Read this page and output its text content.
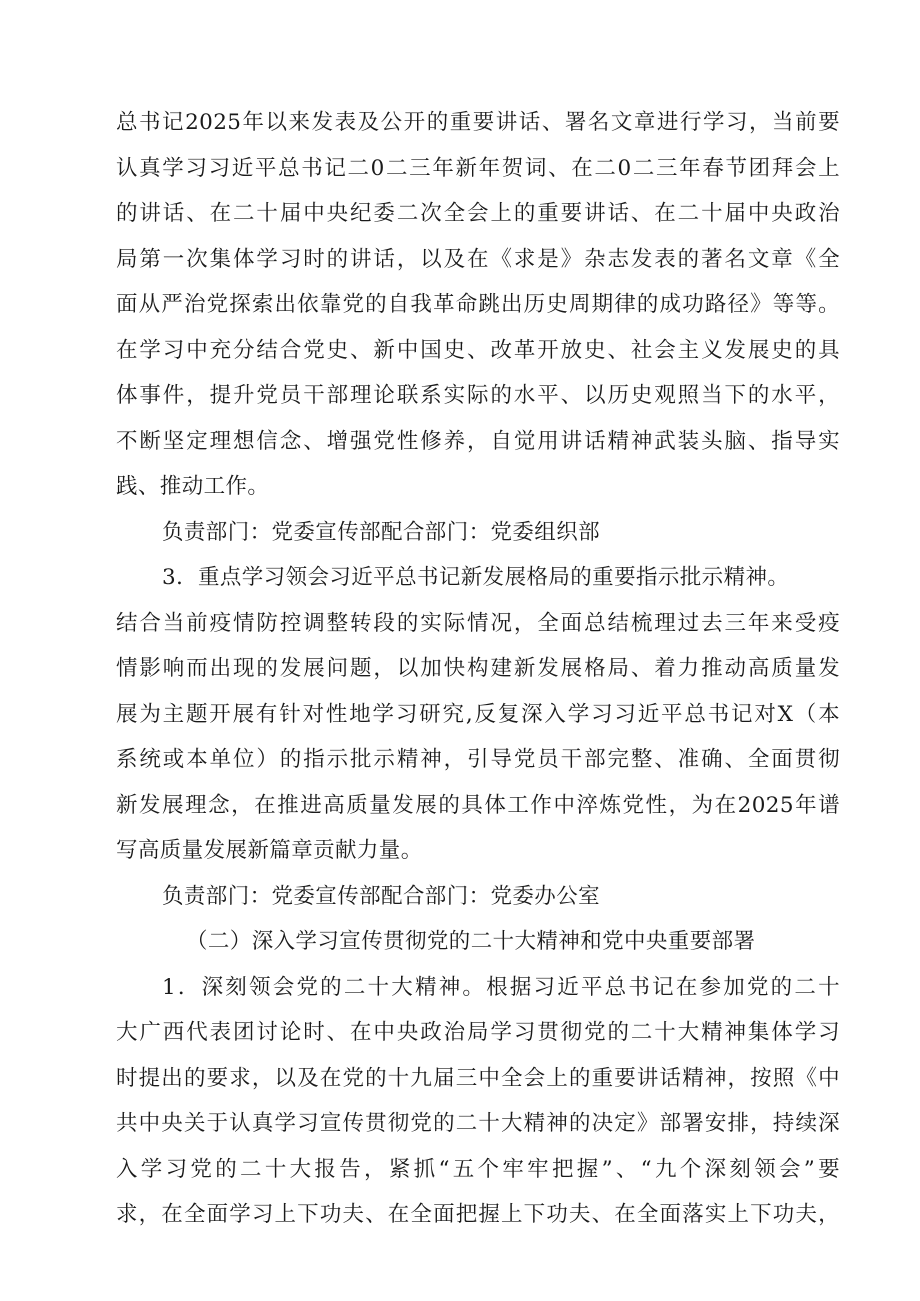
总书记2025年以来发表及公开的重要讲话、署名文章进行学习，当前要
认真学习习近平总书记二0二三年新年贺词、在二0二三年春节团拜会上
的讲话、在二十届中央纪委二次全会上的重要讲话、在二十届中央政治
局第一次集体学习时的讲话，以及在《求是》杂志发表的著名文章《全
面从严治党探索出依靠党的自我革命跳出历史周期律的成功路径》等等。
在学习中充分结合党史、新中国史、改革开放史、社会主义发展史的具
体事件，提升党员干部理论联系实际的水平、以历史观照当下的水平，
不断坚定理想信念、增强党性修养，自觉用讲话精神武装头脑、指导实
践、推动工作。
负责部门：党委宣传部配合部门：党委组织部
3．重点学习领会习近平总书记新发展格局的重要指示批示精神。
结合当前疫情防控调整转段的实际情况，全面总结梳理过去三年来受疫
情影响而出现的发展问题，以加快构建新发展格局、着力推动高质量发
展为主题开展有针对性地学习研究,反复深入学习习近平总书记对X（本
系统或本单位）的指示批示精神，引导党员干部完整、准确、全面贯彻
新发展理念，在推进高质量发展的具体工作中淬炼党性，为在2025年谱
写高质量发展新篇章贡献力量。
负责部门：党委宣传部配合部门：党委办公室
（二）深入学习宣传贯彻党的二十大精神和党中央重要部署
1．深刻领会党的二十大精神。根据习近平总书记在参加党的二十
大广西代表团讨论时、在中央政治局学习贯彻党的二十大精神集体学习
时提出的要求，以及在党的十九届三中全会上的重要讲话精神，按照《中
共中央关于认真学习宣传贯彻党的二十大精神的决定》部署安排，持续深
入学习党的二十大报告，紧抓“五个牢牢把握”、“九个深刻领会”要
求，在全面学习上下功夫、在全面把握上下功夫、在全面落实上下功夫，
